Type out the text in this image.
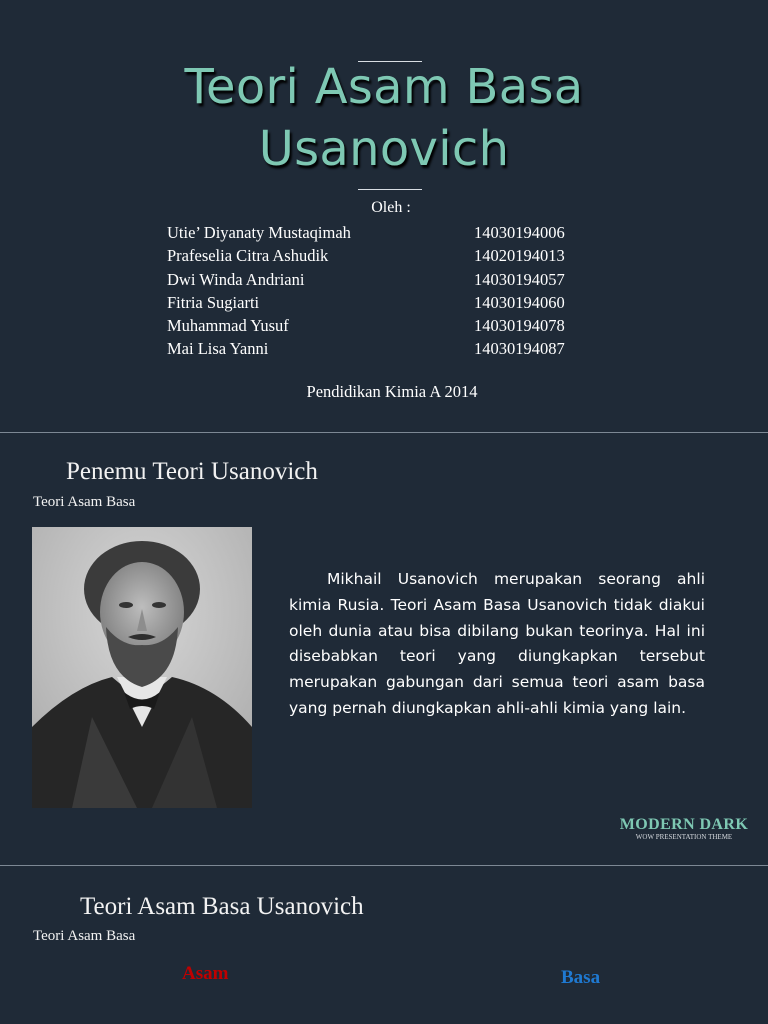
Teori Asam Basa
Usanovich
Oleh :
Utie’ Diyanaty Mustaqimah	14030194006
Prafeselia Citra Ashudik	14020194013
Dwi Winda Andriani	14030194057
Fitria Sugiarti	14030194060
Muhammad Yusuf	14030194078
Mai Lisa Yanni	14030194087
Pendidikan Kimia A 2014
Penemu Teori Usanovich
Teori Asam Basa

Mikhail Usanovich merupakan seorang ahli kimia Rusia. Teori Asam Basa Usanovich tidak diakui oleh dunia atau bisa dibilang bukan teorinya. Hal ini disebabkan teori yang diungkapkan tersebut merupakan gabungan dari semua teori asam basa yang pernah diungkapkan ahli-ahli kimia yang lain.

MODERN DARK
WOW PRESENTATION THEME
Teori Asam Basa Usanovich
Teori Asam Basa
Asam	Basa
